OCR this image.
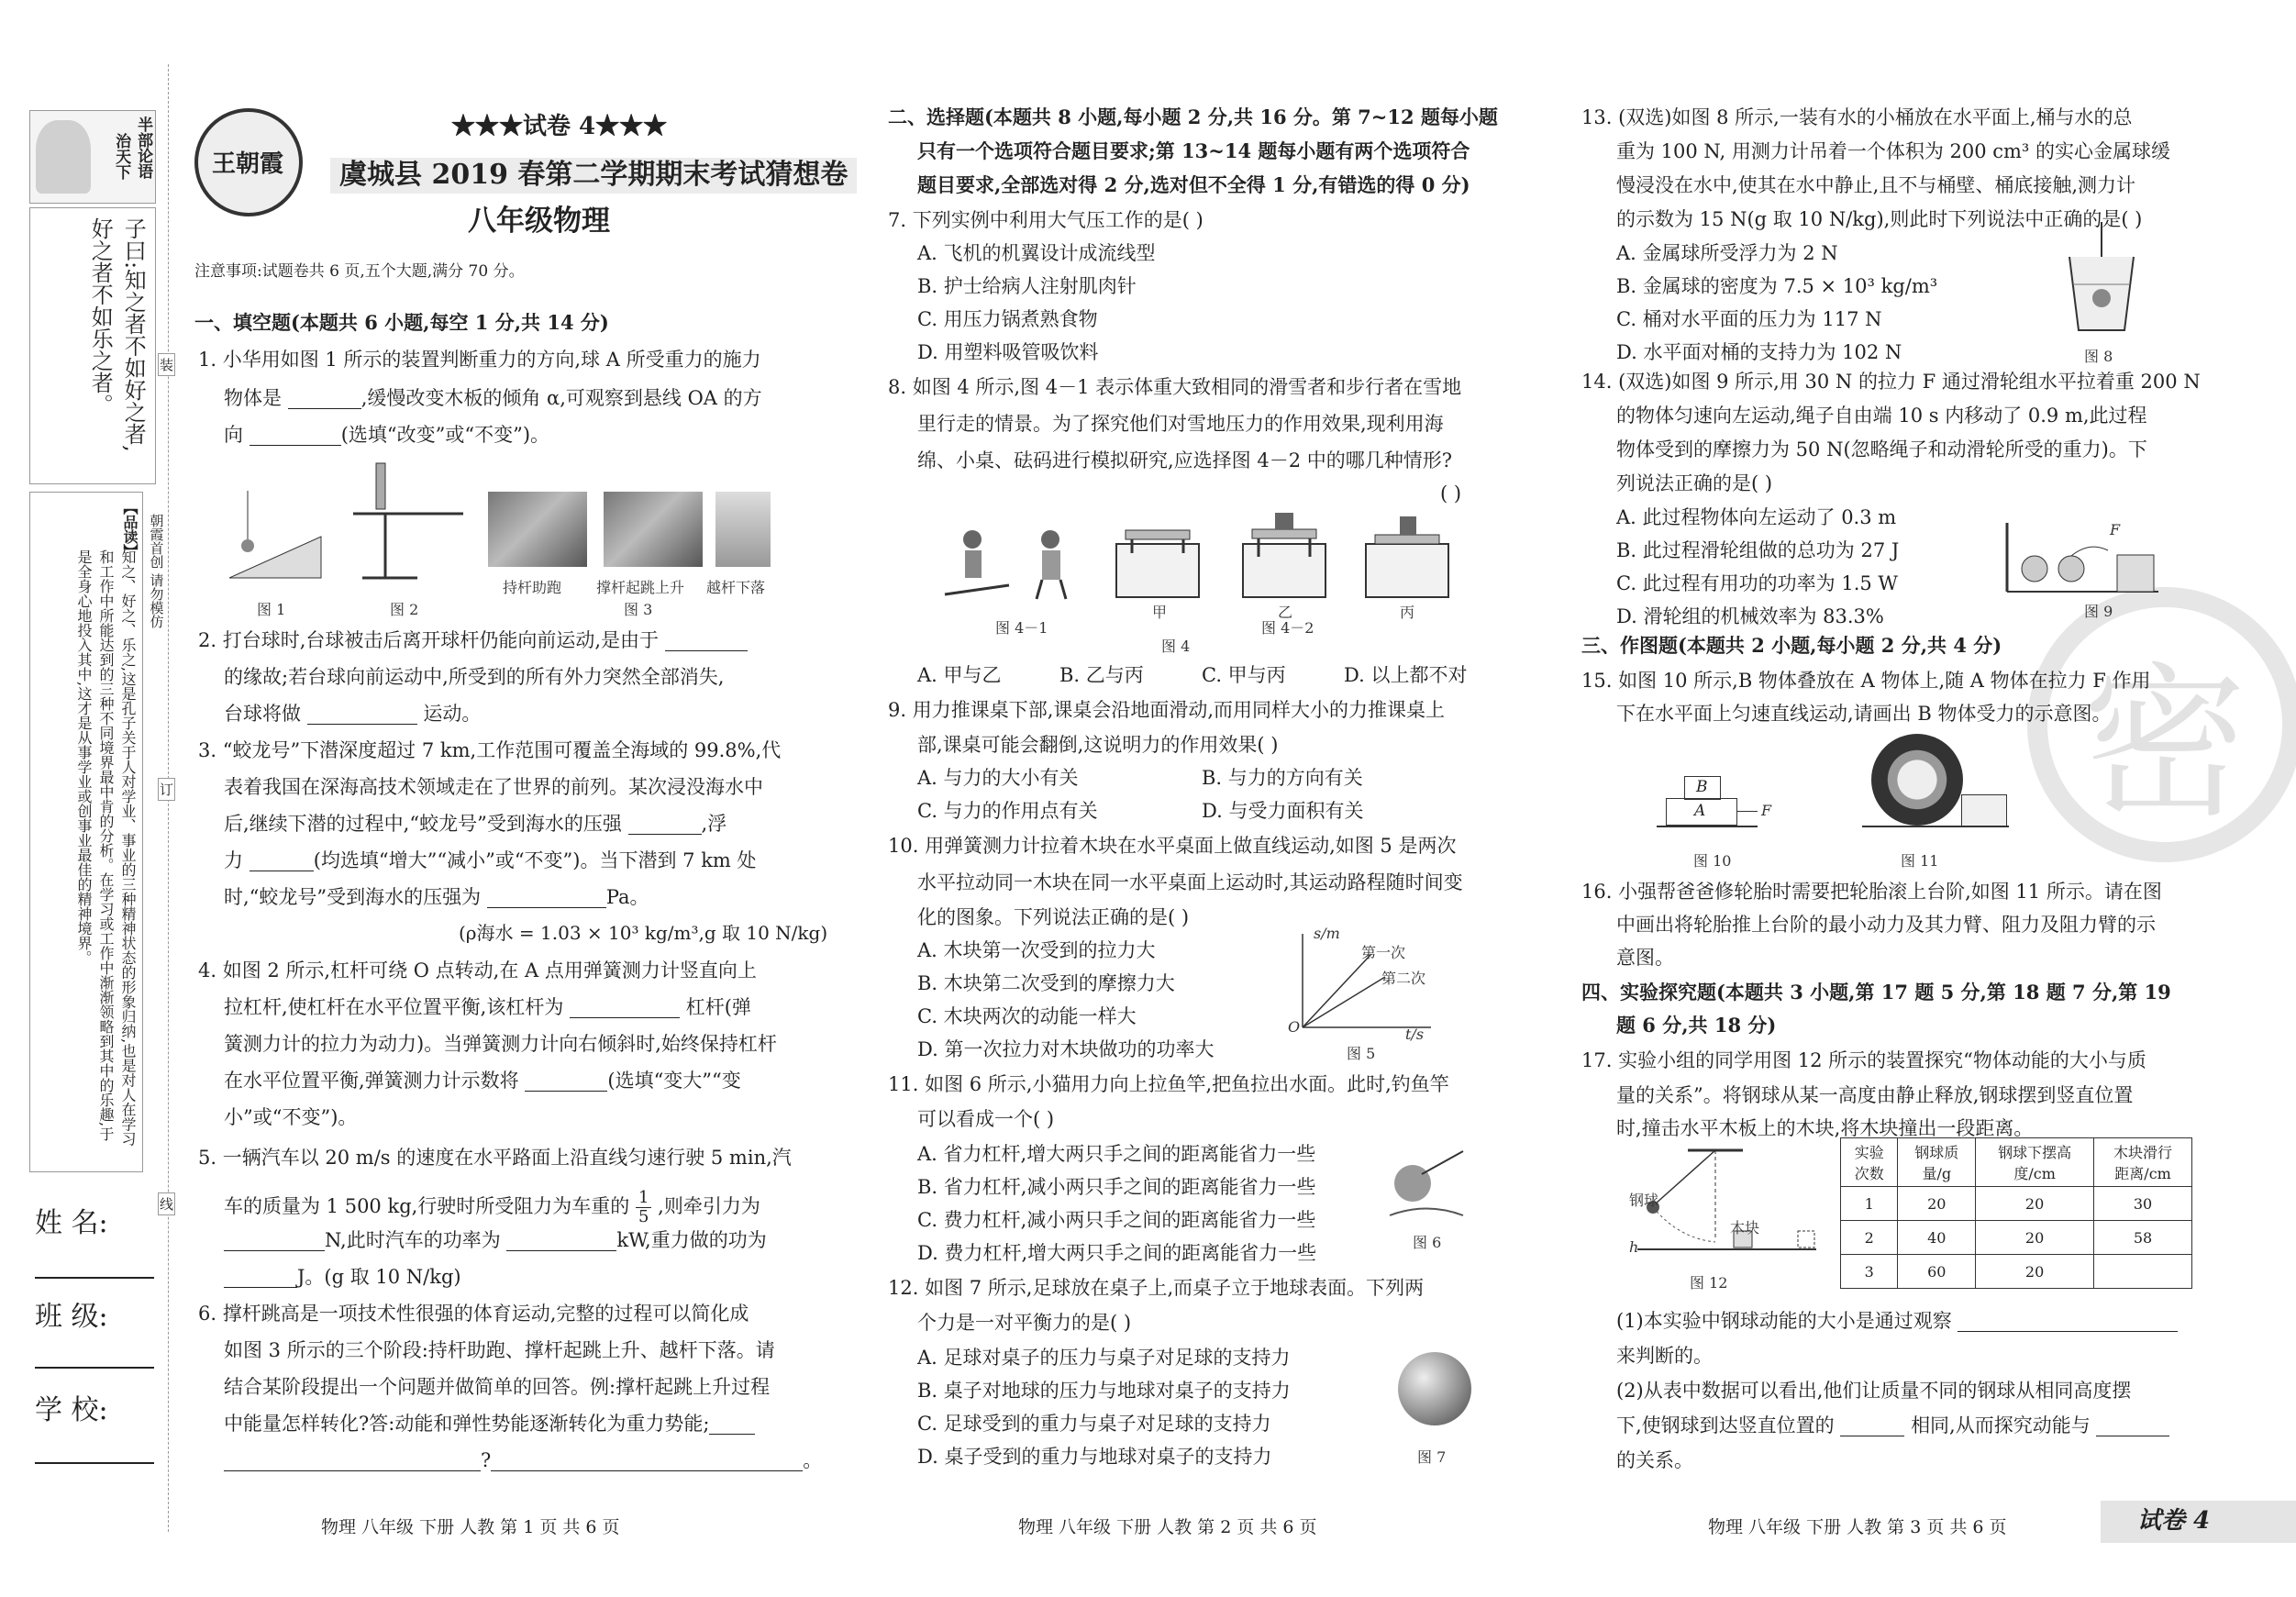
半部论语
治天下
子曰:知之者不如好之者,
好之者不如乐之者。
【品读】
知之、好之、乐之,这是孔子关于人对学业、事业的三种精神状态的形象归纳,也是对人在学习和工作中所能达到的三种不同境界最中肯的分析。在学习或工作中渐渐领略到其中的乐趣,于是全身心地投入其中,这才是从事学业或创事业最佳的精神境界。	朝霞首创 请勿模仿
装
订
线
姓 名:
班 级:
学 校:
王朝霞
★★★试卷 4★★★
虞城县 2019 春第二学期期末考试猜想卷
八年级物理
注意事项:试题卷共 6 页,五个大题,满分 70 分。
一、填空题(本题共 6 小题,每空 1 分,共 14 分)
1. 小华用如图 1 所示的装置判断重力的方向,球 A 所受重力的施力
物体是	,缓慢改变木板的倾角 α,可观察到悬线 OA 的方
向	(选填“改变”或“不变”)。
图 1	图 2
持杆助跑 撑杆起跳上升 越杆下落
图 3
2. 打台球时,台球被击后离开球杆仍能向前运动,是由于
的缘故;若台球向前运动中,所受到的所有外力突然全部消失,
台球将做	运动。
3. “蛟龙号”下潜深度超过 7 km,工作范围可覆盖全海域的 99.8%,代
表着我国在深海高技术领域走在了世界的前列。某次浸没海水中
后,继续下潜的过程中,“蛟龙号”受到海水的压强	,浮
力	(均选填“增大”“减小”或“不变”)。当下潜到 7 km 处
时,“蛟龙号”受到海水的压强为	Pa。
(ρ海水 = 1.03 × 10³ kg/m³,g 取 10 N/kg)
4. 如图 2 所示,杠杆可绕 O 点转动,在 A 点用弹簧测力计竖直向上
拉杠杆,使杠杆在水平位置平衡,该杠杆为	杠杆(弹
簧测力计的拉力为动力)。当弹簧测力计向右倾斜时,始终保持杠杆
在水平位置平衡,弹簧测力计示数将	(选填“变大”“变
小”或“不变”)。
5. 一辆汽车以 20 m/s 的速度在水平路面上沿直线匀速行驶 5 min,汽
车的质量为 1 500 kg,行驶时所受阻力为车重的 $\frac{1}{5}$ ,则牵引力为
N,此时汽车的功率为	kW,重力做的功为
J。(g 取 10 N/kg)
6. 撑杆跳高是一项技术性很强的体育运动,完整的过程可以简化成
如图 3 所示的三个阶段:持杆助跑、撑杆起跳上升、越杆下落。请
结合某阶段提出一个问题并做简单的回答。例:撑杆起跳上升过程
中能量怎样转化?答:动能和弹性势能逐渐转化为重力势能;
?	。
物理 八年级 下册 人教 第 1 页 共 6 页
二、选择题(本题共 8 小题,每小题 2 分,共 16 分。第 7~12 题每小题
只有一个选项符合题目要求;第 13~14 题每小题有两个选项符合
题目要求,全部选对得 2 分,选对但不全得 1 分,有错选的得 0 分)
7. 下列实例中利用大气压工作的是( )
A. 飞机的机翼设计成流线型
B. 护士给病人注射肌肉针
C. 用压力锅煮熟食物
D. 用塑料吸管吸饮料
8. 如图 4 所示,图 4－1 表示体重大致相同的滑雪者和步行者在雪地
里行走的情景。为了探究他们对雪地压力的作用效果,现利用海
绵、小桌、砝码进行模拟研究,应选择图 4－2 中的哪几种情形?
( )
图 4－1
甲	乙	丙
图 4
图 4－2
A. 甲与乙	B. 乙与丙	C. 甲与丙	D. 以上都不对
9. 用力推课桌下部,课桌会沿地面滑动,而用同样大小的力推课桌上
部,课桌可能会翻倒,这说明力的作用效果( )
A. 与力的大小有关	B. 与力的方向有关
C. 与力的作用点有关	D. 与受力面积有关
10. 用弹簧测力计拉着木块在水平桌面上做直线运动,如图 5 是两次
水平拉动同一木块在同一水平桌面上运动时,其运动路程随时间变
化的图象。下列说法正确的是( )
A. 木块第一次受到的拉力大
B. 木块第二次受到的摩擦力大
C. 木块两次的动能一样大
D. 第一次拉力对木块做功的功率大
s/m
第一次
第二次
O	t/s
图 5
11. 如图 6 所示,小猫用力向上拉鱼竿,把鱼拉出水面。此时,钓鱼竿
可以看成一个( )
A. 省力杠杆,增大两只手之间的距离能省力一些
B. 省力杠杆,减小两只手之间的距离能省力一些
C. 费力杠杆,减小两只手之间的距离能省力一些
D. 费力杠杆,增大两只手之间的距离能省力一些	图 6
12. 如图 7 所示,足球放在桌子上,而桌子立于地球表面。下列两
个力是一对平衡力的是( )
A. 足球对桌子的压力与桌子对足球的支持力
B. 桌子对地球的压力与地球对桌子的支持力
C. 足球受到的重力与桌子对足球的支持力
D. 桌子受到的重力与地球对桌子的支持力	图 7
物理 八年级 下册 人教 第 2 页 共 6 页
密
13. (双选)如图 8 所示,一装有水的小桶放在水平面上,桶与水的总
重为 100 N, 用测力计吊着一个体积为 200 cm³ 的实心金属球缓
慢浸没在水中,使其在水中静止,且不与桶壁、桶底接触,测力计
的示数为 15 N(g 取 10 N/kg),则此时下列说法中正确的是( )
A. 金属球所受浮力为 2 N
B. 金属球的密度为 7.5 × 10³ kg/m³
C. 桶对水平面的压力为 117 N
D. 水平面对桶的支持力为 102 N	图 8
14. (双选)如图 9 所示,用 30 N 的拉力 F 通过滑轮组水平拉着重 200 N
的物体匀速向左运动,绳子自由端 10 s 内移动了 0.9 m,此过程
物体受到的摩擦力为 50 N(忽略绳子和动滑轮所受的重力)。下
列说法正确的是( )
A. 此过程物体向左运动了 0.3 m
B. 此过程滑轮组做的总功为 27 J
C. 此过程有用功的功率为 1.5 W
D. 滑轮组的机械效率为 83.3%
F
图 9
三、作图题(本题共 2 小题,每小题 2 分,共 4 分)
15. 如图 10 所示,B 物体叠放在 A 物体上,随 A 物体在拉力 F 作用
下在水平面上匀速直线运动,请画出 B 物体受力的示意图。
B
A	F
图 10	图 11
16. 小强帮爸爸修轮胎时需要把轮胎滚上台阶,如图 11 所示。请在图
中画出将轮胎推上台阶的最小动力及其力臂、阻力及阻力臂的示
意图。
四、实验探究题(本题共 3 小题,第 17 题 5 分,第 18 题 7 分,第 19
题 6 分,共 18 分)
17. 实验小组的同学用图 12 所示的装置探究“物体动能的大小与质
量的关系”。将钢球从某一高度由静止释放,钢球摆到竖直位置
时,撞击水平木板上的木块,将木块撞出一段距离。
钢球
木块
h
图 12
实验
次数	钢球质
量/g	钢球下摆高
度/cm	木块滑行
距离/cm
1	20	20	30
2	40	20	58
3	60	20	
(1)本实验中钢球动能的大小是通过观察
来判断的。
(2)从表中数据可以看出,他们让质量不同的钢球从相同高度摆
下,使钢球到达竖直位置的	相同,从而探究动能与
的关系。
物理 八年级 下册 人教 第 3 页 共 6 页	试卷 4
